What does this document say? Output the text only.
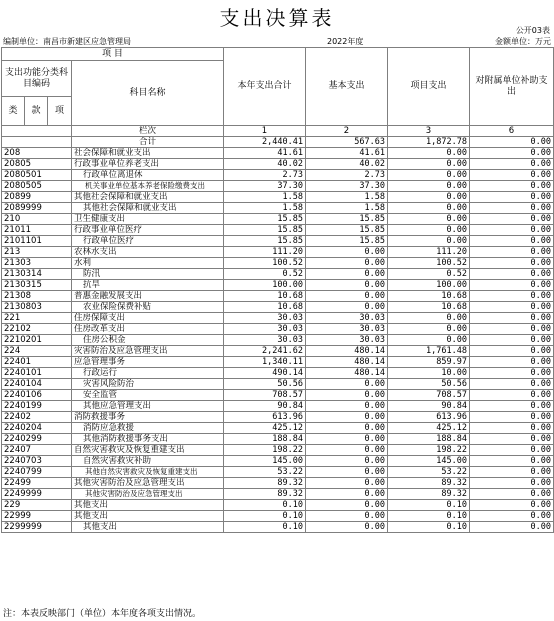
支出决算表
公开03表
编制单位：南昌市新建区应急管理局	2022年度	金额单位：万元
项 目				本年支出合计	基本支出	项目支出	对附属单位补助支出
支出功能分类科目编码			科目名称				

类	款	项					
			栏次	1	2	3	6
			合计	2,440.41	567.63	1,872.78	0.00
208			社会保障和就业支出	41.61	41.61	0.00	0.00
20805			行政事业单位养老支出	40.02	40.02	0.00	0.00
2080501			行政单位离退休	2.73	2.73	0.00	0.00
2080505			机关事业单位基本养老保险缴费支出	37.30	37.30	0.00	0.00
20899			其他社会保障和就业支出	1.58	1.58	0.00	0.00
2089999			其他社会保障和就业支出	1.58	1.58	0.00	0.00
210			卫生健康支出	15.85	15.85	0.00	0.00
21011			行政事业单位医疗	15.85	15.85	0.00	0.00
2101101			行政单位医疗	15.85	15.85	0.00	0.00
213			农林水支出	111.20	0.00	111.20	0.00
21303			水利	100.52	0.00	100.52	0.00
2130314			防汛	0.52	0.00	0.52	0.00
2130315			抗旱	100.00	0.00	100.00	0.00
21308			普惠金融发展支出	10.68	0.00	10.68	0.00
2130803			农业保险保费补贴	10.68	0.00	10.68	0.00
221			住房保障支出	30.03	30.03	0.00	0.00
22102			住房改革支出	30.03	30.03	0.00	0.00
2210201			住房公积金	30.03	30.03	0.00	0.00
224			灾害防治及应急管理支出	2,241.62	480.14	1,761.48	0.00
22401			应急管理事务	1,340.11	480.14	859.97	0.00
2240101			行政运行	490.14	480.14	10.00	0.00
2240104			灾害风险防治	50.56	0.00	50.56	0.00
2240106			安全监管	708.57	0.00	708.57	0.00
2240199			其他应急管理支出	90.84	0.00	90.84	0.00
22402			消防救援事务	613.96	0.00	613.96	0.00
2240204			消防应急救援	425.12	0.00	425.12	0.00
2240299			其他消防救援事务支出	188.84	0.00	188.84	0.00
22407			自然灾害救灾及恢复重建支出	198.22	0.00	198.22	0.00
2240703			自然灾害救灾补助	145.00	0.00	145.00	0.00
2240799			其他自然灾害救灾及恢复重建支出	53.22	0.00	53.22	0.00
22499			其他灾害防治及应急管理支出	89.32	0.00	89.32	0.00
2249999			其他灾害防治及应急管理支出	89.32	0.00	89.32	0.00
229			其他支出	0.10	0.00	0.10	0.00
22999			其他支出	0.10	0.00	0.10	0.00
2299999			其他支出	0.10	0.00	0.10	0.00
注：本表反映部门（单位）本年度各项支出情况。
